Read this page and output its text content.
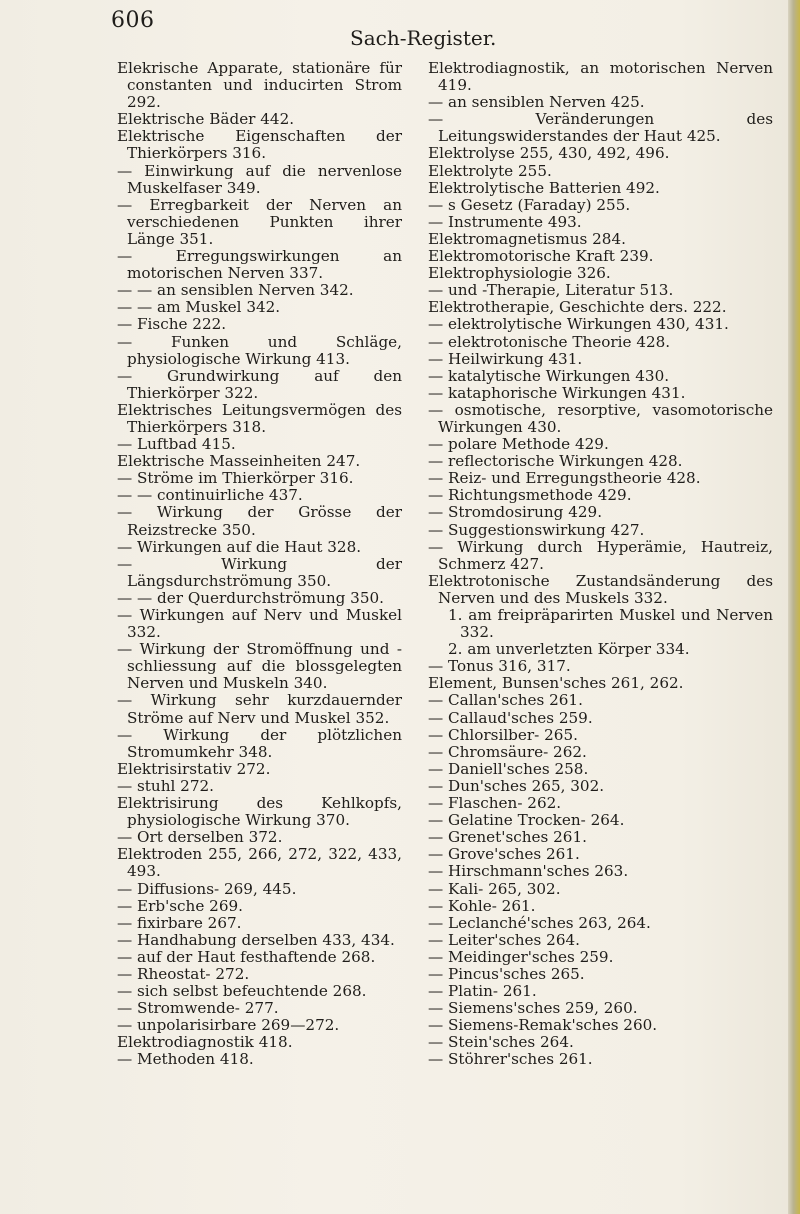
606
Sach-Register.

Elekrische Apparate, stationäre für constanten und inducirten Strom 292.

Elektrische Bäder 442.

Elektrische Eigenschaften der Thierkörpers 316.

— Einwirkung auf die nervenlose Muskelfaser 349.

— Erregbarkeit der Nerven an verschiedenen Punkten ihrer Länge 351.

— Erregungswirkungen an motorischen Nerven 337.

— — an sensiblen Nerven 342.

— — am Muskel 342.

— Fische 222.

— Funken und Schläge, physiologische Wirkung 413.

— Grundwirkung auf den Thierkörper 322.

Elektrisches Leitungsvermögen des Thierkörpers 318.

— Luftbad 415.

Elektrische Masseinheiten 247.

— Ströme im Thierkörper 316.

— — continuirliche 437.

— Wirkung der Grösse der Reizstrecke 350.

— Wirkungen auf die Haut 328.

— Wirkung der Längsdurchströmung 350.

— — der Querdurchströmung 350.

— Wirkungen auf Nerv und Muskel 332.

— Wirkung der Stromöffnung und -schliessung auf die blossgelegten Nerven und Muskeln 340.

— Wirkung sehr kurzdauernder Ströme auf Nerv und Muskel 352.

— Wirkung der plötzlichen Stromumkehr 348.

Elektrisirstativ 272.

— stuhl 272.

Elektrisirung des Kehlkopfs, physiologische Wirkung 370.

— Ort derselben 372.

Elektroden 255, 266, 272, 322, 433, 493.

— Diffusions- 269, 445.

— Erb'sche 269.

— fixirbare 267.

— Handhabung derselben 433, 434.

— auf der Haut festhaftende 268.

— Rheostat- 272.

— sich selbst befeuchtende 268.

— Stromwende- 277.

— unpolarisirbare 269—272.

Elektrodiagnostik 418.

— Methoden 418.

Elektrodiagnostik, an motorischen Nerven 419.

— an sensiblen Nerven 425.

— Veränderungen des Leitungswiderstandes der Haut 425.

Elektrolyse 255, 430, 492, 496.

Elektrolyte 255.

Elektrolytische Batterien 492.

— s Gesetz (Faraday) 255.

— Instrumente 493.

Elektromagnetismus 284.

Elektromotorische Kraft 239.

Elektrophysiologie 326.

— und -Therapie, Literatur 513.

Elektrotherapie, Geschichte ders. 222.

— elektrolytische Wirkungen 430, 431.

— elektrotonische Theorie 428.

— Heilwirkung 431.

— katalytische Wirkungen 430.

— kataphorische Wirkungen 431.

— osmotische, resorptive, vasomotorische Wirkungen 430.

— polare Methode 429.

— reflectorische Wirkungen 428.

— Reiz- und Erregungstheorie 428.

— Richtungsmethode 429.

— Stromdosirung 429.

— Suggestionswirkung 427.

— Wirkung durch Hyperämie, Hautreiz, Schmerz 427.

Elektrotonische Zustandsänderung des Nerven und des Muskels 332.

1. am freipräparirten Muskel und Nerven 332.

2. am unverletzten Körper 334.

— Tonus 316, 317.

Element, Bunsen'sches 261, 262.

— Callan'sches 261.

— Callaud'sches 259.

— Chlorsilber- 265.

— Chromsäure- 262.

— Daniell'sches 258.

— Dun'sches 265, 302.

— Flaschen- 262.

— Gelatine Trocken- 264.

— Grenet'sches 261.

— Grove'sches 261.

— Hirschmann'sches 263.

— Kali- 265, 302.

— Kohle- 261.

— Leclanché'sches 263, 264.

— Leiter'sches 264.

— Meidinger'sches 259.

— Pincus'sches 265.

— Platin- 261.

— Siemens'sches 259, 260.

— Siemens-Remak'sches 260.

— Stein'sches 264.

— Stöhrer'sches 261.
